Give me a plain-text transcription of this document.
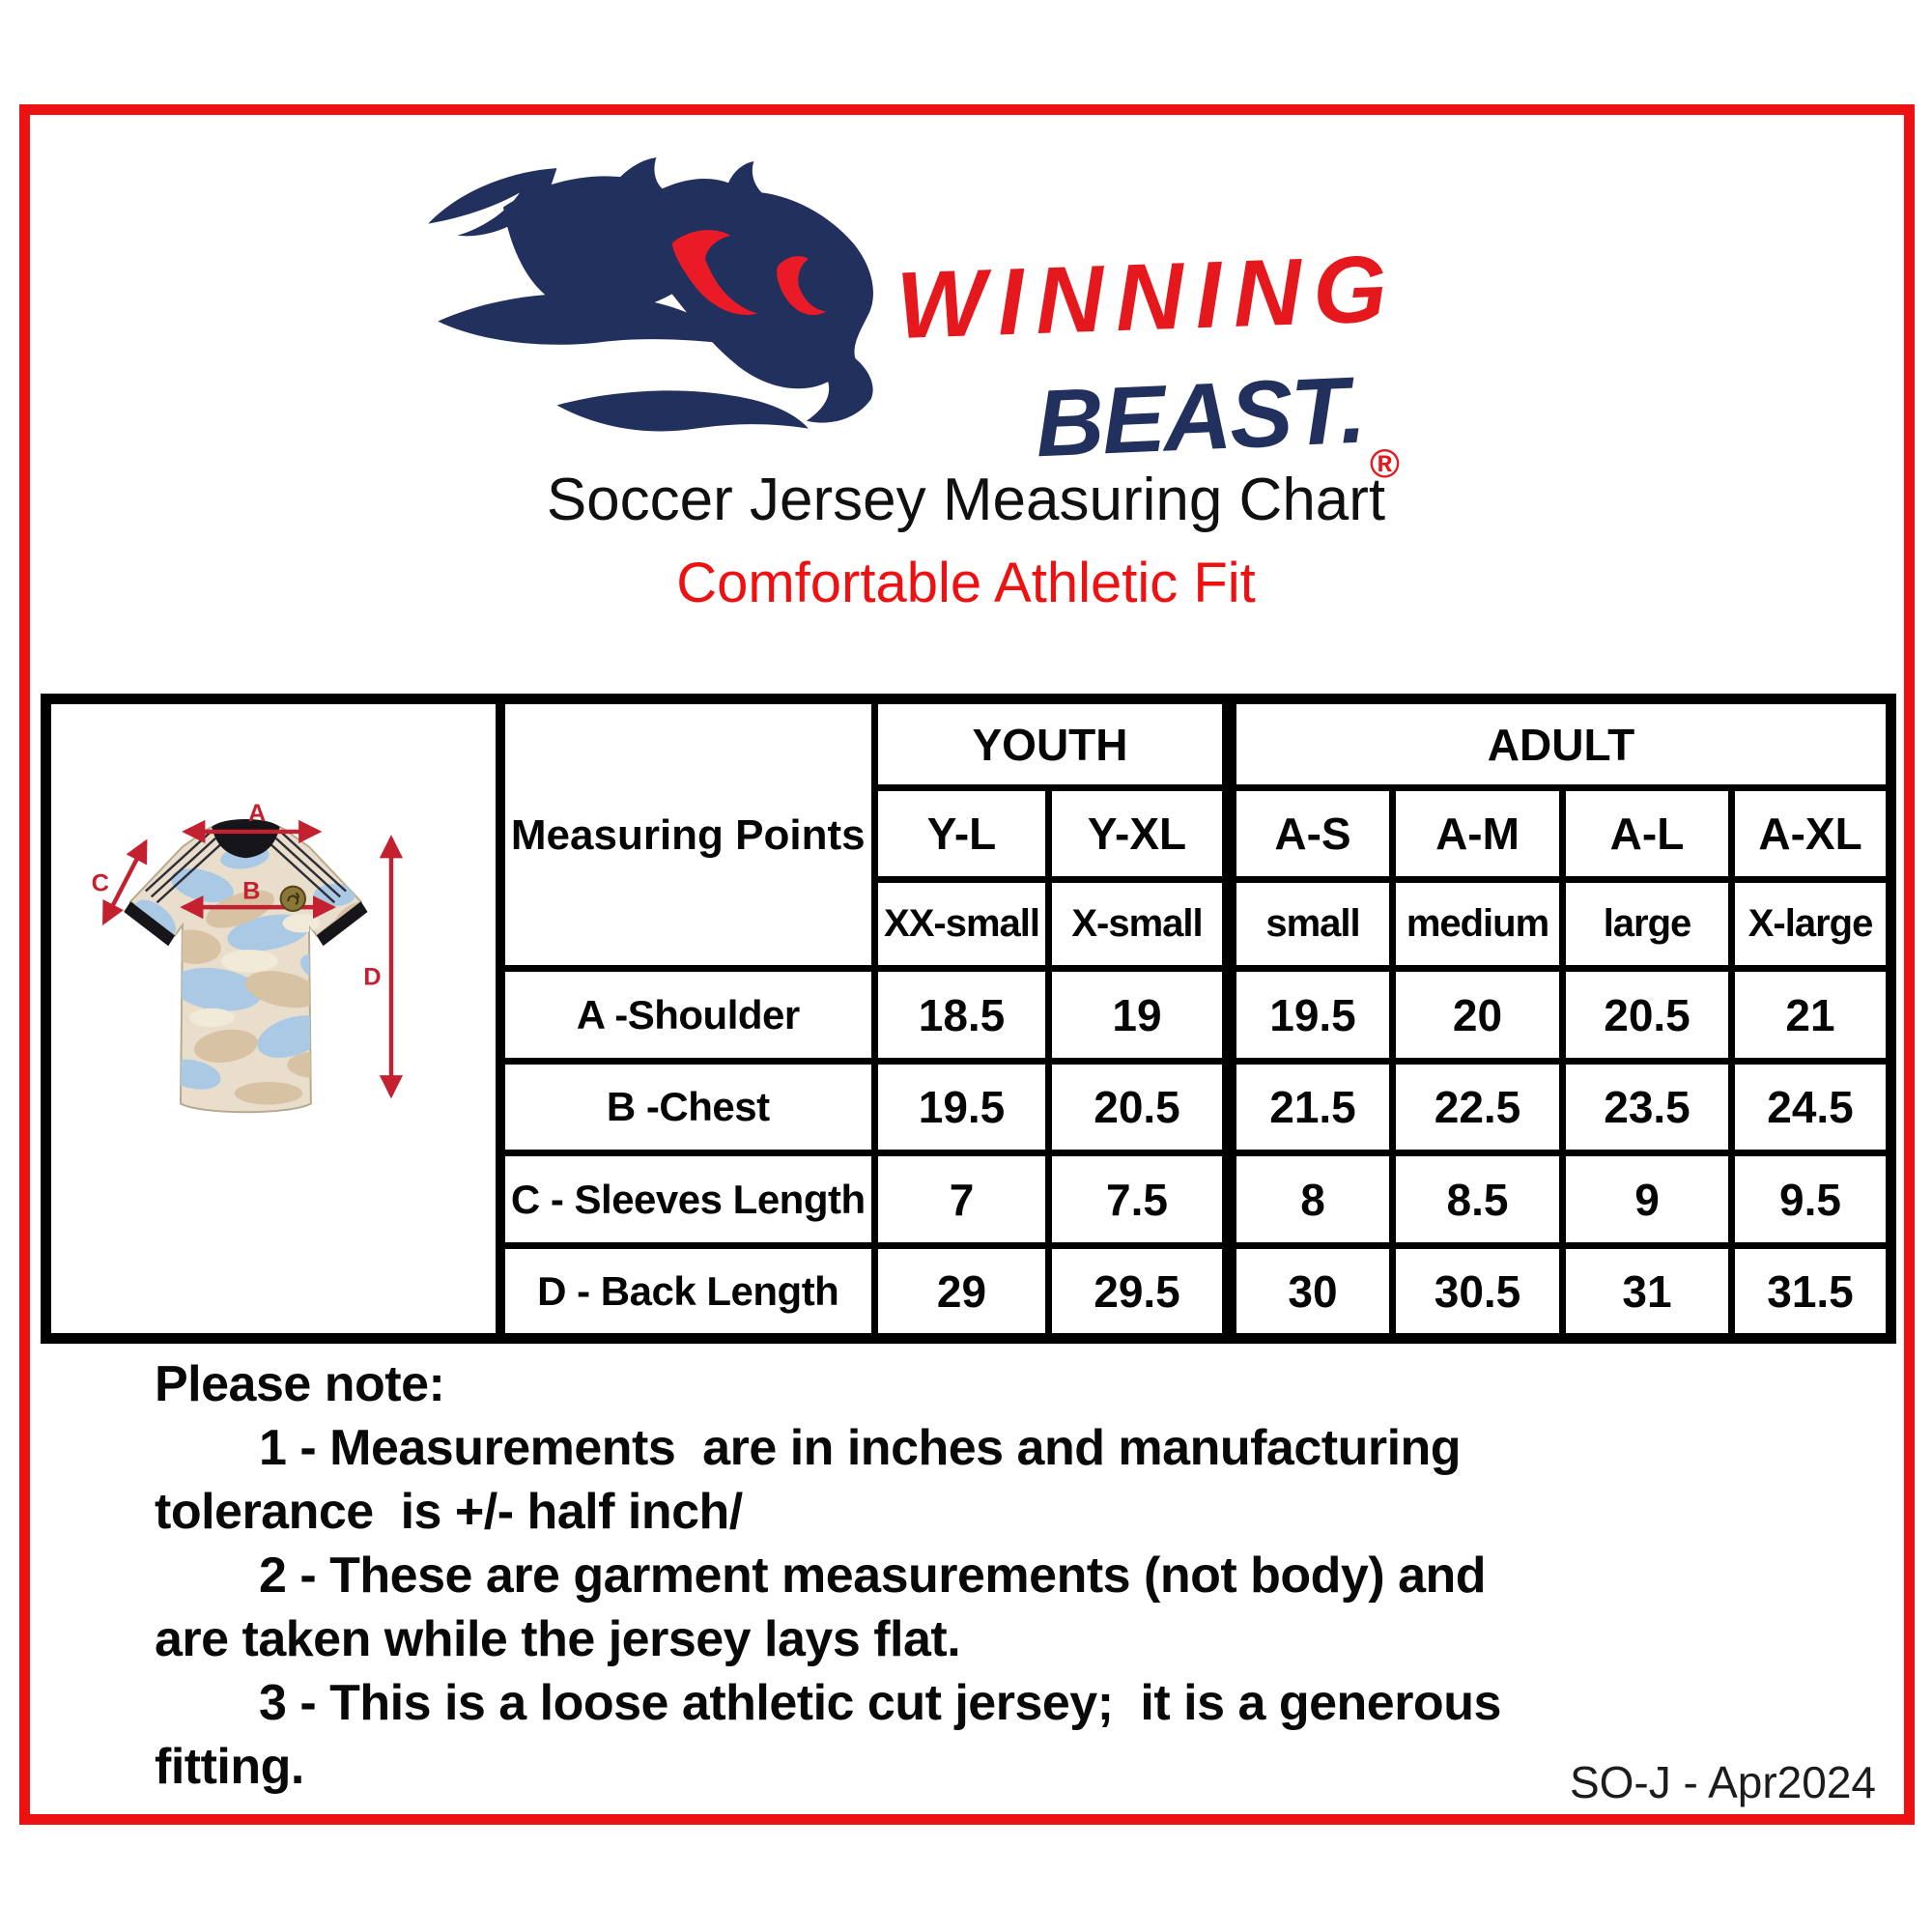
WINNING
BEAST. ®
Soccer Jersey Measuring Chart
Comfortable Athletic Fit
A
B
C
D	Measuring Points	YOUTH		ADULT			
		Y-L	Y-XL	A-S	A-M	A-L	A-XL
		XX-small	X-small	small	medium	large	X-large
	A -Shoulder	18.5	19	19.5	20	20.5	21
	B -Chest	19.5	20.5	21.5	22.5	23.5	24.5
	C - Sleeves Length	7	7.5	8	8.5	9	9.5
	D - Back Length	29	29.5	30	30.5	31	31.5
Please note:
1 - Measurements  are in inches and manufacturing
tolerance  is +/- half inch/
2 - These are garment measurements (not body) and
are taken while the jersey lays flat.
3 - This is a loose athletic cut jersey;  it is a generous
fitting.	SO-J - Apr2024
